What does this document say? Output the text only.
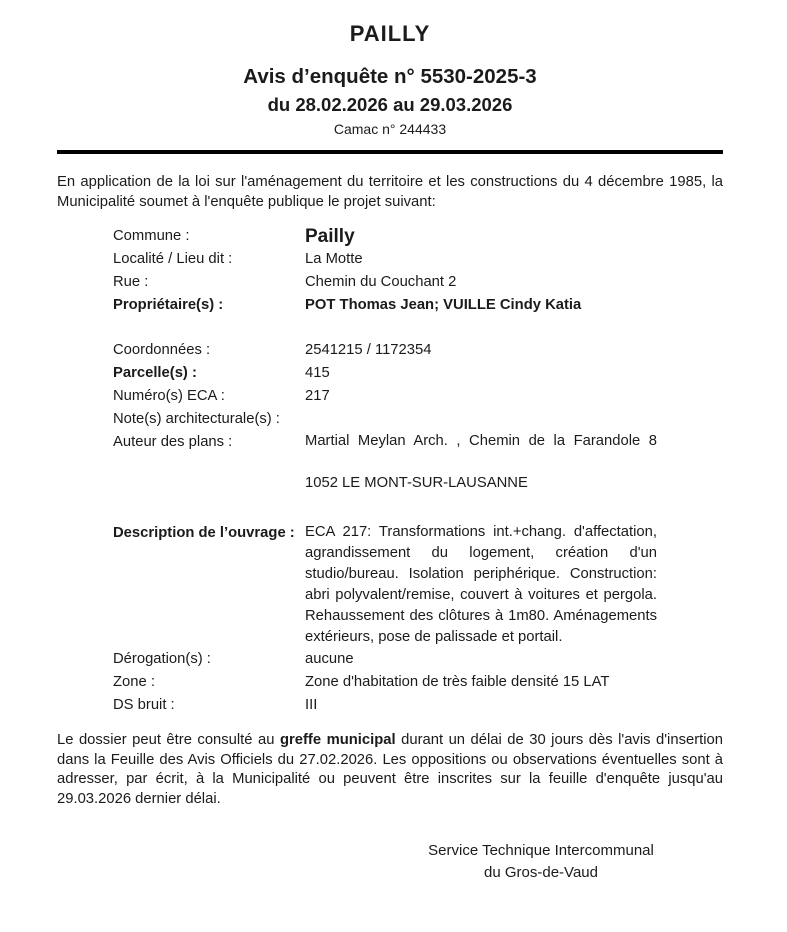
PAILLY
Avis d’enquête n° 5530-2025-3
du 28.02.2026 au 29.03.2026
Camac n° 244433

En application de la loi sur l'aménagement du territoire et les constructions du 4 décembre 1985, la Municipalité soumet à l'enquête publique le projet suivant:

Commune :	Pailly
Localité / Lieu dit :	La Motte
Rue :	Chemin du Couchant 2
Propriétaire(s) :	POT Thomas Jean; VUILLE Cindy Katia
Coordonnées :	2541215 / 1172354
Parcelle(s) :	415
Numéro(s) ECA :	217
Note(s) architecturale(s) :
Auteur des plans :	Martial Meylan Arch. , Chemin de la Farandole 8
1052 LE MONT-SUR-LAUSANNE
Description de l’ouvrage : ECA 217: Transformations int.+chang. d'affectation, agrandissement du logement, création d'un studio/bureau. Isolation periphérique. Construction: abri polyvalent/remise, couvert à voitures et pergola. Rehaussement des clôtures à 1m80. Aménagements extérieurs, pose de palissade et portail.
Dérogation(s) :	aucune
Zone :	Zone d'habitation de très faible densité 15 LAT
DS bruit :	III

Le dossier peut être consulté au greffe municipal durant un délai de 30 jours dès l'avis d'insertion dans la Feuille des Avis Officiels du 27.02.2026. Les oppositions ou observations éventuelles sont à adresser, par écrit, à la Municipalité ou peuvent être inscrites sur la feuille d'enquête jusqu'au 29.03.2026 dernier délai.

Service Technique Intercommunal
du Gros-de-Vaud
